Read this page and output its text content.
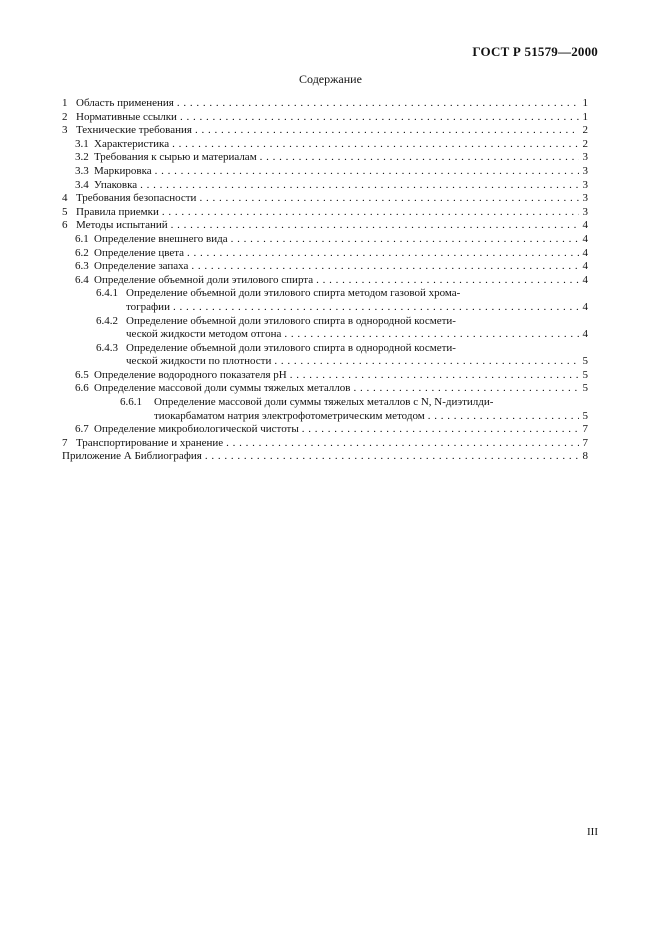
ГОСТ Р 51579—2000
Содержание
1 Область применения . . .	1
2 Нормативные ссылки . . .	1
3 Технические требования . . .	2
3.1 Характеристика . . .	2
3.2 Требования к сырью и материалам . . .	3
3.3 Маркировка . . .	3
3.4 Упаковка . . .	3
4 Требования безопасности . . .	3
5 Правила приемки . . .	3
6 Методы испытаний . . .	4
6.1 Определение внешнего вида . . .	4
6.2 Определение цвета . . .	4
6.3 Определение запаха . . .	4
6.4 Определение объемной доли этилового спирта . . .	4
6.4.1 Определение объемной доли этилового спирта методом газовой хрома-
тографии . . .	4
6.4.2 Определение объемной доли этилового спирта в однородной космети-
ческой жидкости методом отгона . . .	4
6.4.3 Определение объемной доли этилового спирта в однородной космети-
ческой жидкости по плотности . . .	5
6.5 Определение водородного показателя рН . . .	5
6.6 Определение массовой доли суммы тяжелых металлов . . .	5
6.6.1	Определение массовой доли суммы тяжелых металлов с N, N-диэтилди-
тиокарбаматом натрия электрофотометрическим методом . . .	5
6.7 Определение микробиологической чистоты . . .	7
7 Транспортирование и хранение . . .	7
Приложение А Библиография . . .	8
III
